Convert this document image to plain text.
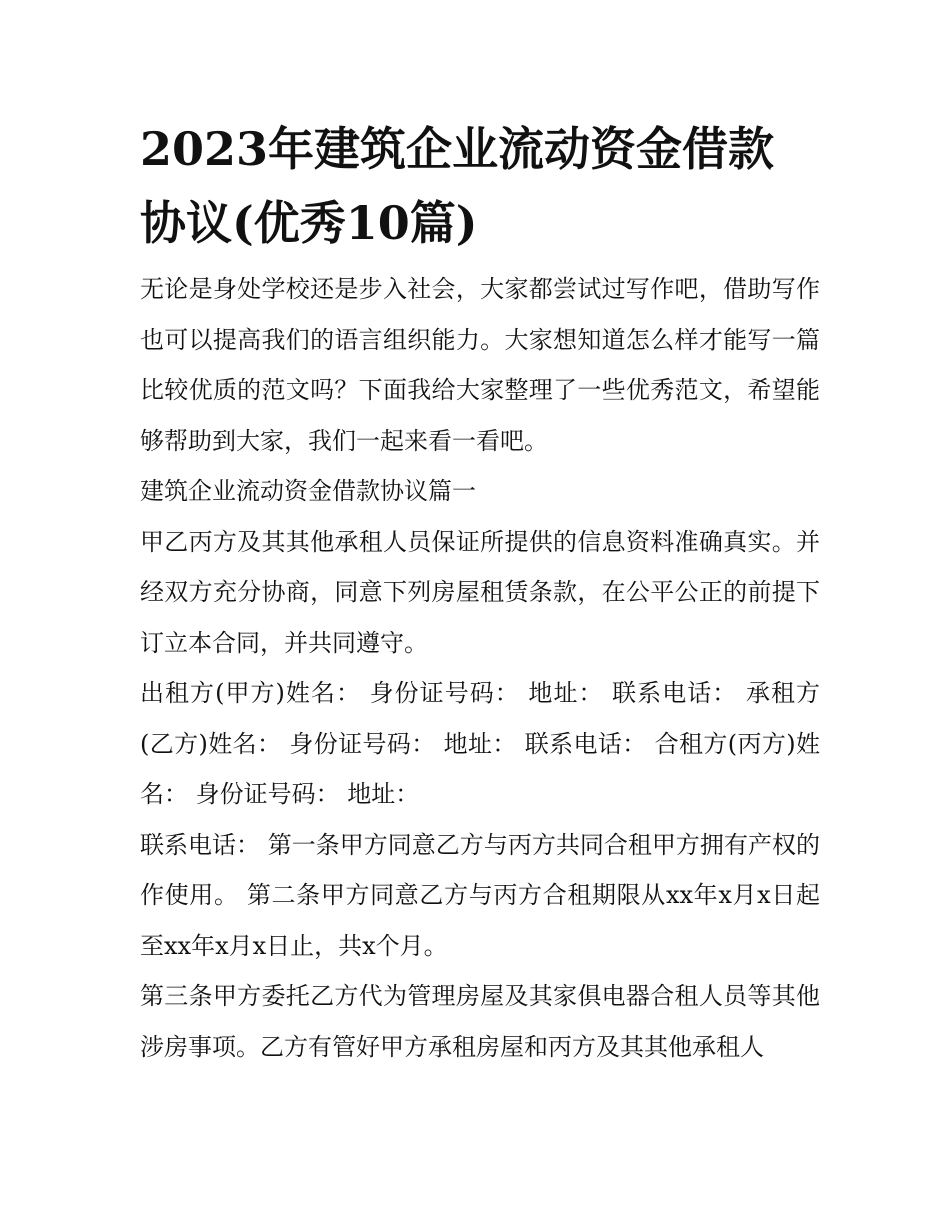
2023年建筑企业流动资金借款协议(优秀10篇)

无论是身处学校还是步入社会，大家都尝试过写作吧，借助写作也可以提高我们的语言组织能力。大家想知道怎么样才能写一篇比较优质的范文吗？下面我给大家整理了一些优秀范文，希望能够帮助到大家，我们一起来看一看吧。

建筑企业流动资金借款协议篇一

甲乙丙方及其其他承租人员保证所提供的信息资料准确真实。并经双方充分协商，同意下列房屋租赁条款，在公平公正的前提下订立本合同，并共同遵守。

出租方(甲方)姓名： 身份证号码： 地址： 联系电话： 承租方(乙方)姓名： 身份证号码： 地址： 联系电话： 合租方(丙方)姓名： 身份证号码： 地址：

联系电话： 第一条甲方同意乙方与丙方共同合租甲方拥有产权的作使用。 第二条甲方同意乙方与丙方合租期限从xx年x月x日起至xx年x月x日止，共x个月。

第三条甲方委托乙方代为管理房屋及其家俱电器合租人员等其他涉房事项。乙方有管好甲方承租房屋和丙方及其其他承租人
